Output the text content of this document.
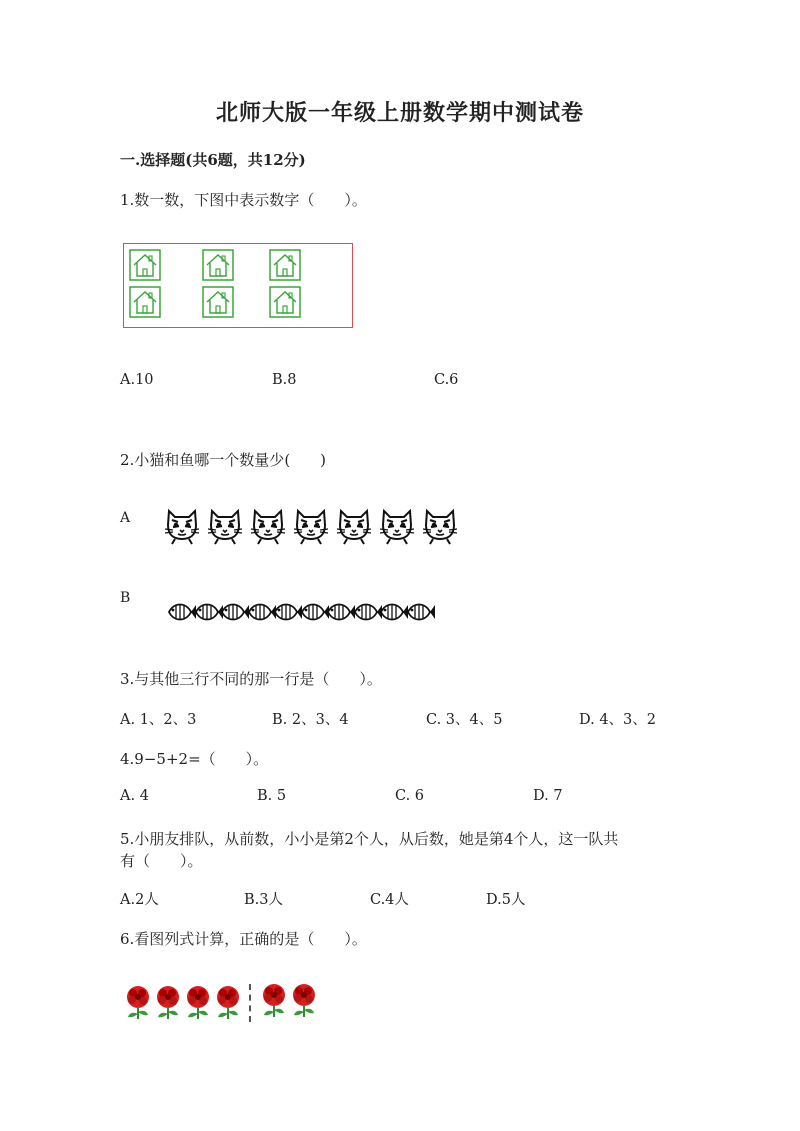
北师大版一年级上册数学期中测试卷
一.选择题(共6题，共12分)
1.数一数，下图中表示数字（　　）。
A.10	B.8	C.6
2.小猫和鱼哪一个数量少(　　)
A
B
3.与其他三行不同的那一行是（　　）。
A. 1、2、3	B. 2、3、4	C. 3、4、5	D. 4、3、2
4.9−5+2=（　　）。
A. 4	B. 5	C. 6	D. 7
5.小朋友排队，从前数，小小是第2个人，从后数，她是第4个人，这一队共
有（　　）。
A.2人	B.3人	C.4人	D.5人
6.看图列式计算，正确的是（　　）。
